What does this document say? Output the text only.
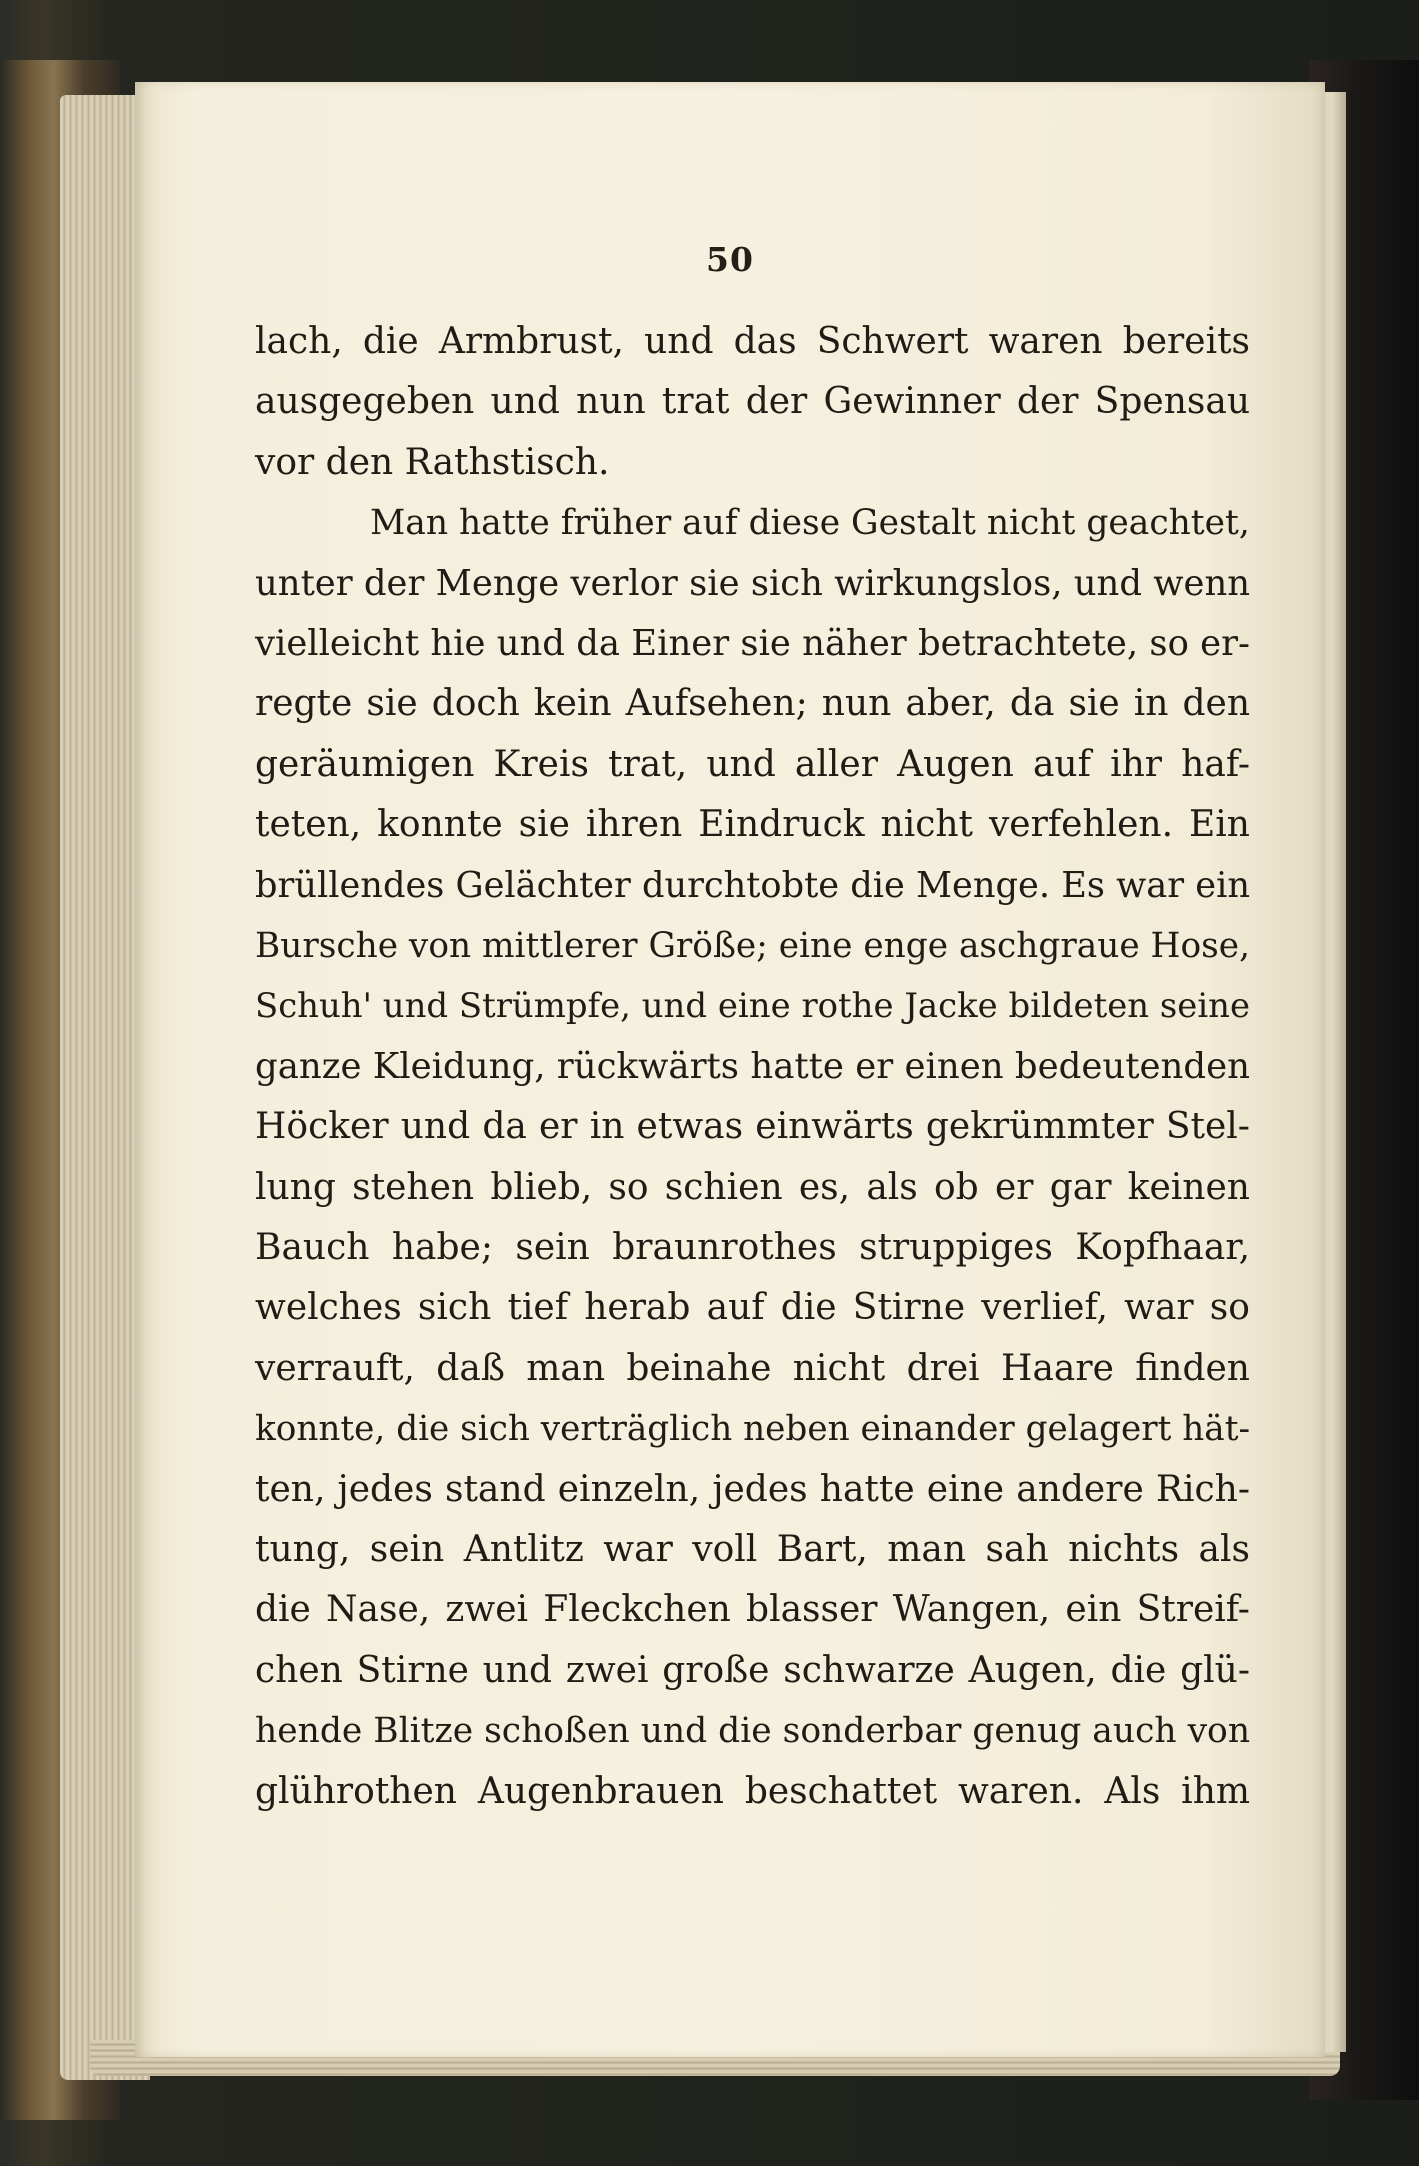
50
lach, die Armbrust, und das Schwert waren bereits
ausgegeben und nun trat der Gewinner der Spensau
vor den Rathstisch.
Man hatte früher auf diese Gestalt nicht geachtet,
unter der Menge verlor sie sich wirkungslos, und wenn
vielleicht hie und da Einer sie näher betrachtete, so er-
regte sie doch kein Aufsehen; nun aber, da sie in den
geräumigen Kreis trat, und aller Augen auf ihr haf-
teten, konnte sie ihren Eindruck nicht verfehlen. Ein
brüllendes Gelächter durchtobte die Menge. Es war ein
Bursche von mittlerer Größe; eine enge aschgraue Hose,
Schuh' und Strümpfe, und eine rothe Jacke bildeten seine
ganze Kleidung, rückwärts hatte er einen bedeutenden
Höcker und da er in etwas einwärts gekrümmter Stel-
lung stehen blieb, so schien es, als ob er gar keinen
Bauch habe; sein braunrothes struppiges Kopfhaar,
welches sich tief herab auf die Stirne verlief, war so
verrauft, daß man beinahe nicht drei Haare finden
konnte, die sich verträglich neben einander gelagert hät-
ten, jedes stand einzeln, jedes hatte eine andere Rich-
tung, sein Antlitz war voll Bart, man sah nichts als
die Nase, zwei Fleckchen blasser Wangen, ein Streif-
chen Stirne und zwei große schwarze Augen, die glü-
hende Blitze schoßen und die sonderbar genug auch von
glührothen Augenbrauen beschattet waren. Als ihm
